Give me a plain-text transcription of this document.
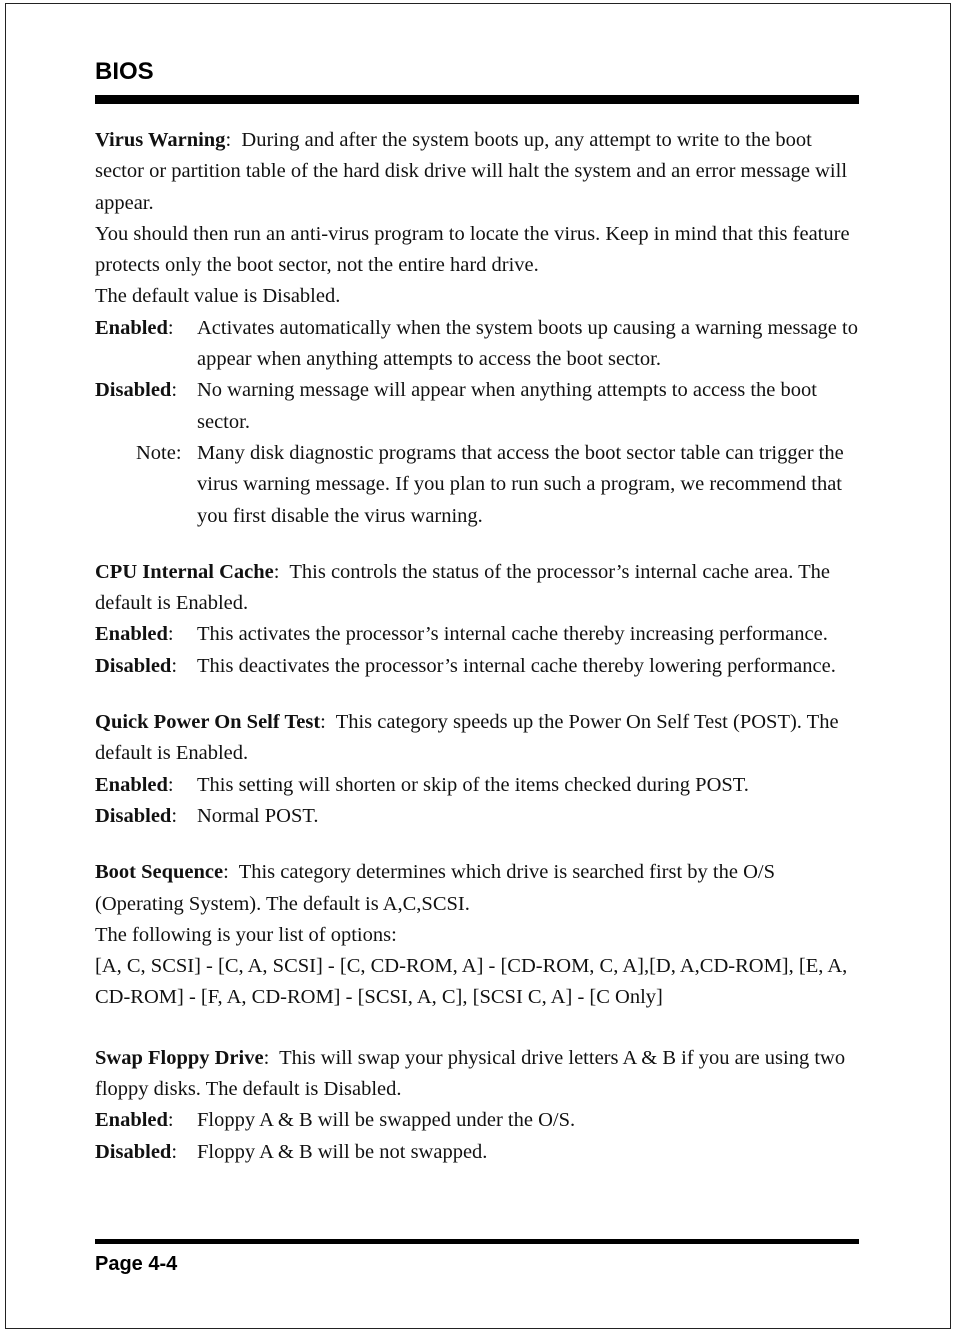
BIOS

Virus Warning:  During and after the system boots up, any attempt to write to the boot sector or partition table of the hard disk drive will halt the system and an error message will appear.

You should then run an anti-virus program to locate the virus. Keep in mind that this feature protects only the boot sector, not the entire hard drive.

The default value is Disabled.

Enabled: Activates automatically when the system boots up causing a warning message to appear when anything attempts to access the boot sector.
Disabled: No warning message will appear when anything attempts to access the boot sector.
Note: Many disk diagnostic programs that access the boot sector table can trigger the virus warning message. If you plan to run such a program, we recommend that you first disable the virus warning.

CPU Internal Cache:  This controls the status of the processor’s internal cache area. The default is Enabled.

Enabled: This activates the processor’s internal cache thereby increasing performance.
Disabled: This deactivates the processor’s internal cache thereby lowering performance.

Quick Power On Self Test:  This category speeds up the Power On Self Test (POST). The default is Enabled.

Enabled: This setting will shorten or skip of the items checked during POST.
Disabled: Normal POST.

Boot Sequence:  This category determines which drive is searched first by the O/S (Operating System). The default is A,C,SCSI.

The following is your list of options:

[A, C, SCSI] - [C, A, SCSI] - [C, CD-ROM, A] - [CD-ROM, C, A],[D, A,CD-ROM], [E, A, CD-ROM] - [F, A, CD-ROM] - [SCSI, A, C], [SCSI C, A] - [C Only]

Swap Floppy Drive:  This will swap your physical drive letters A & B if you are using two floppy disks. The default is Disabled.

Enabled: Floppy A & B will be swapped under the O/S.
Disabled: Floppy A & B will be not swapped.
Page 4-4
